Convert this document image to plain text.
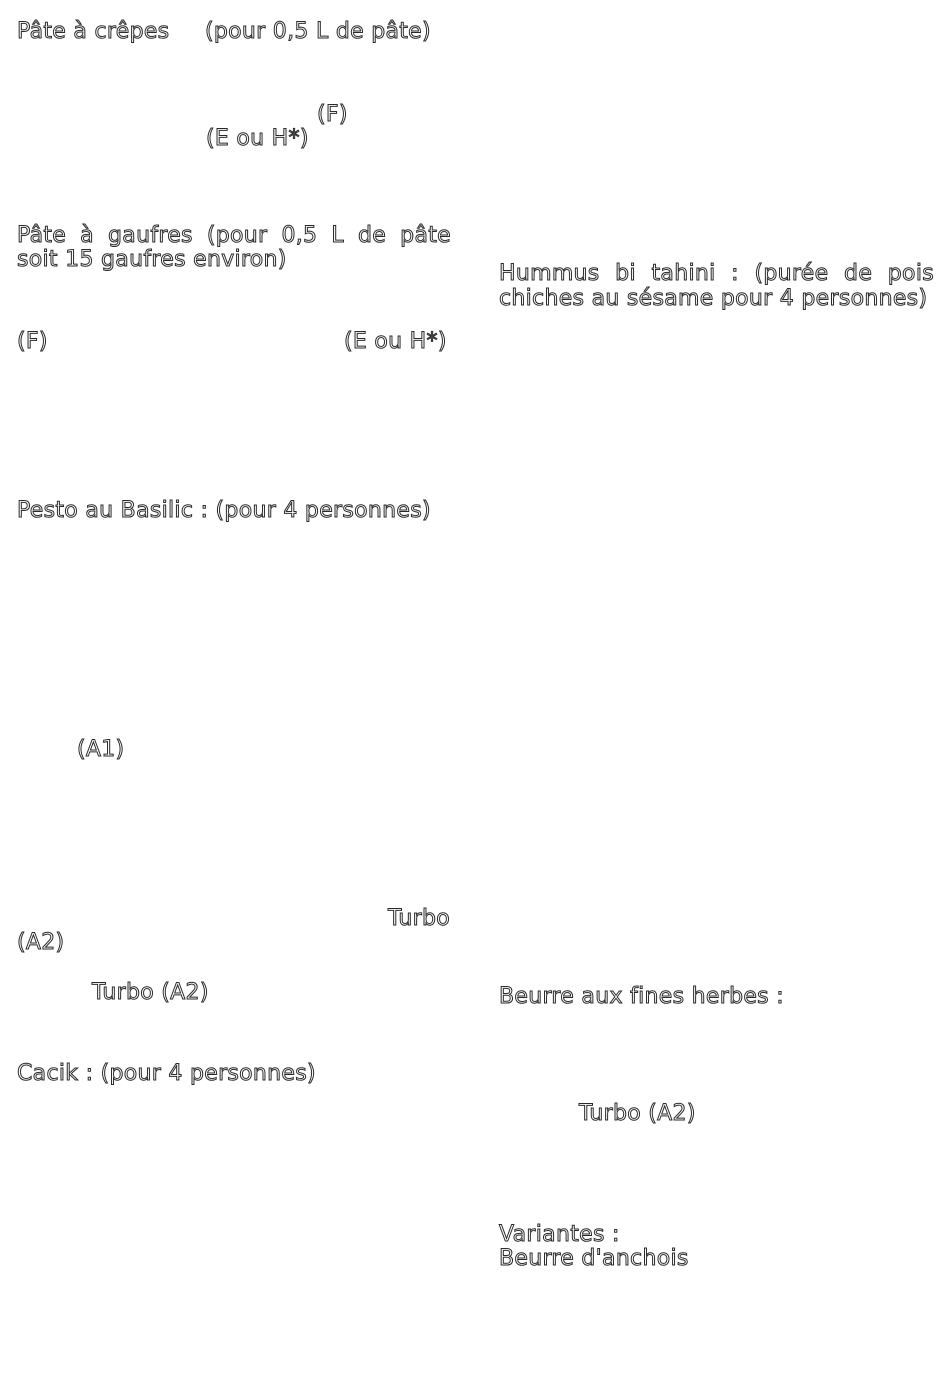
Pâte à crêpes (pour 0,5 L de pâte)
(F)
(E ou H*)
Pâte à gaufres (pour 0,5 L de pâte
soit 15 gaufres environ)
(F)	(E ou H*)
Pesto au Basilic : (pour 4 personnes)
(A1)
Turbo
(A2)
Turbo (A2)
Cacik : (pour 4 personnes)
Hummus bi tahini : (purée de pois
chiches au sésame pour 4 personnes)
Beurre aux fines herbes :
Turbo (A2)
Variantes :
Beurre d'anchois
